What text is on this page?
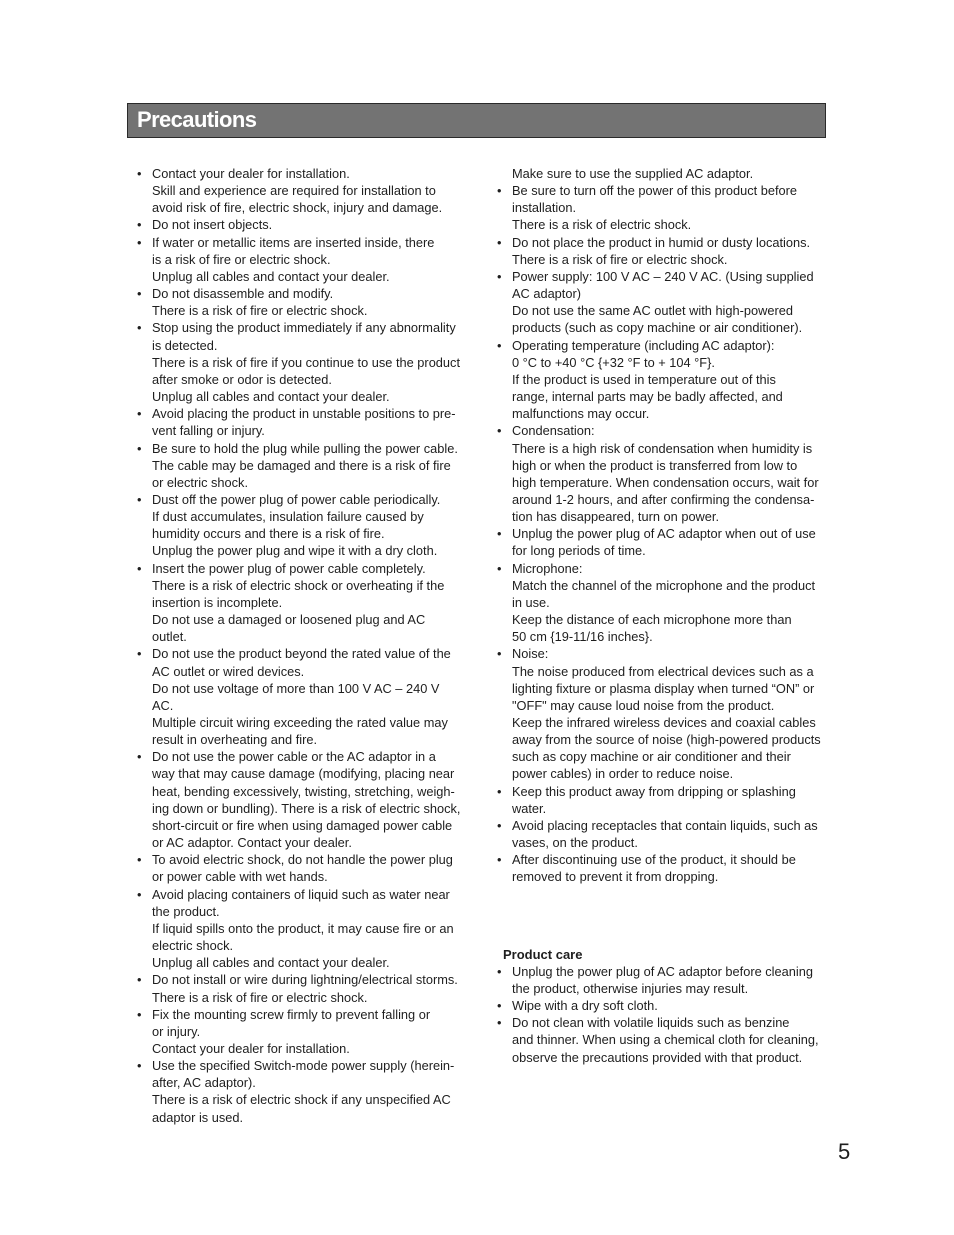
Precautions
• Contact your dealer for installation.
Skill and experience are required for installation to
avoid risk of fire, electric shock, injury and damage.
• Do not insert objects.
• If water or metallic items are inserted inside, there
is a risk of fire or electric shock.
Unplug all cables and contact your dealer.
• Do not disassemble and modify.
There is a risk of fire or electric shock.
• Stop using the product immediately if any abnormality
is detected.
There is a risk of fire if you continue to use the product
after smoke or odor is detected.
Unplug all cables and contact your dealer.
• Avoid placing the product in unstable positions to pre-
vent falling or injury.
• Be sure to hold the plug while pulling the power cable.
The cable may be damaged and there is a risk of fire
or electric shock.
• Dust off the power plug of power cable periodically.
If dust accumulates, insulation failure caused by
humidity occurs and there is a risk of fire.
Unplug the power plug and wipe it with a dry cloth.
• Insert the power plug of power cable completely.
There is a risk of electric shock or overheating if the
insertion is incomplete.
Do not use a damaged or loosened plug and AC
outlet.
• Do not use the product beyond the rated value of the
AC outlet or wired devices.
Do not use voltage of more than 100 V AC – 240 V
AC.
Multiple circuit wiring exceeding the rated value may
result in overheating and fire.
• Do not use the power cable or the AC adaptor in a
way that may cause damage (modifying, placing near
heat, bending excessively, twisting, stretching, weigh-
ing down or bundling). There is a risk of electric shock,
short-circuit or fire when using damaged power cable
or AC adaptor. Contact your dealer.
• To avoid electric shock, do not handle the power plug
or power cable with wet hands.
• Avoid placing containers of liquid such as water near
the product.
If liquid spills onto the product, it may cause fire or an
electric shock.
Unplug all cables and contact your dealer.
• Do not install or wire during lightning/electrical storms.
There is a risk of fire or electric shock.
• Fix the mounting screw firmly to prevent falling or
or injury.
Contact your dealer for installation.
• Use the specified Switch-mode power supply (herein-
after, AC adaptor).
There is a risk of electric shock if any unspecified AC
adaptor is used.
Make sure to use the supplied AC adaptor.
• Be sure to turn off the power of this product before
installation.
There is a risk of electric shock.
• Do not place the product in humid or dusty locations.
There is a risk of fire or electric shock.
• Power supply: 100 V AC – 240 V AC. (Using supplied
AC adaptor)
Do not use the same AC outlet with high-powered
products (such as copy machine or air conditioner).
• Operating temperature (including AC adaptor):
0 °C to +40 °C {+32 °F to + 104 °F}.
If the product is used in temperature out of this
range, internal parts may be badly affected, and
malfunctions may occur.
• Condensation:
There is a high risk of condensation when humidity is
high or when the product is transferred from low to
high temperature. When condensation occurs, wait for
around 1-2 hours, and after confirming the condensa-
tion has disappeared, turn on power.
• Unplug the power plug of AC adaptor when out of use
for long periods of time.
• Microphone:
Match the channel of the microphone and the product
in use.
Keep the distance of each microphone more than
50 cm {19-11/16 inches}.
• Noise:
The noise produced from electrical devices such as a
lighting fixture or plasma display when turned “ON” or
"OFF" may cause loud noise from the product.
Keep the infrared wireless devices and coaxial cables
away from the source of noise (high-powered products
such as copy machine or air conditioner and their
power cables) in order to reduce noise.
• Keep this product away from dripping or splashing
water.
• Avoid placing receptacles that contain liquids, such as
vases, on the product.
• After discontinuing use of the product, it should be
removed to prevent it from dropping.
Product care
• Unplug the power plug of AC adaptor before cleaning
the product, otherwise injuries may result.
• Wipe with a dry soft cloth.
• Do not clean with volatile liquids such as benzine
and thinner. When using a chemical cloth for cleaning,
observe the precautions provided with that product.
5
